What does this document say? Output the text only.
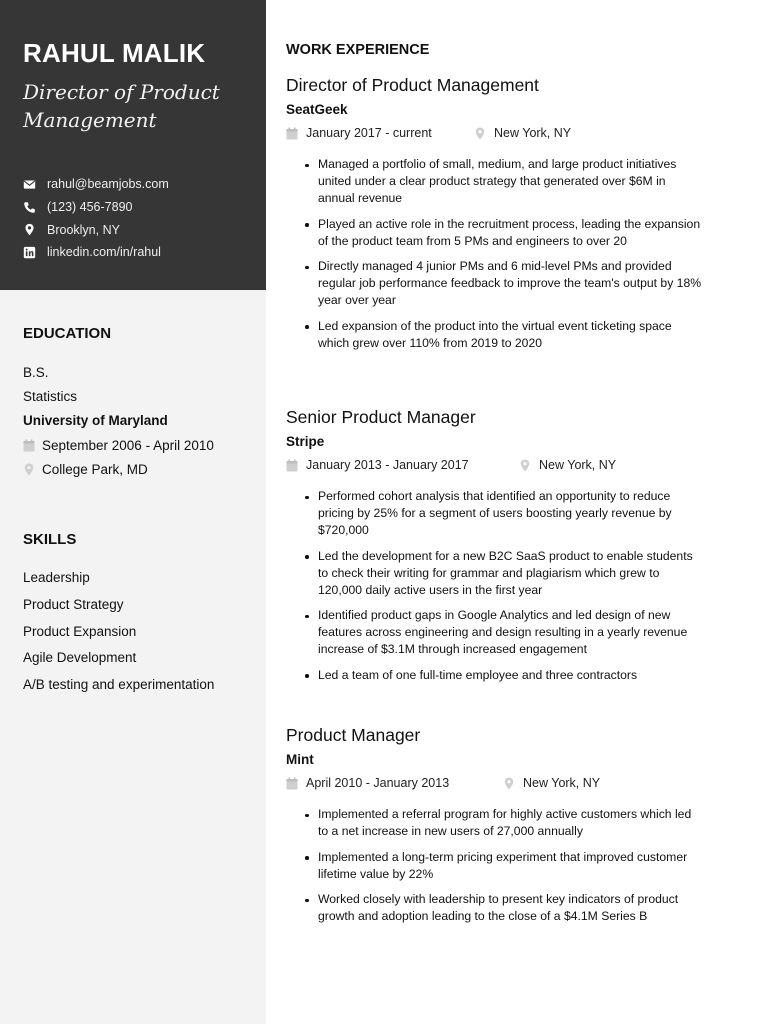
RAHUL MALIK
Director of Product Management
rahul@beamjobs.com
(123) 456-7890
Brooklyn, NY
linkedin.com/in/rahul
EDUCATION
B.S.
Statistics
University of Maryland
September 2006 - April 2010
College Park, MD
SKILLS
Leadership
Product Strategy
Product Expansion
Agile Development
A/B testing and experimentation
WORK EXPERIENCE
Director of Product Management
SeatGeek
January 2017 - current	New York, NY
Managed a portfolio of small, medium, and large product initiatives united under a clear product strategy that generated over $6M in annual revenue
Played an active role in the recruitment process, leading the expansion of the product team from 5 PMs and engineers to over 20
Directly managed 4 junior PMs and 6 mid-level PMs and provided regular job performance feedback to improve the team's output by 18% year over year
Led expansion of the product into the virtual event ticketing space which grew over 110% from 2019 to 2020
Senior Product Manager
Stripe
January 2013 - January 2017	New York, NY
Performed cohort analysis that identified an opportunity to reduce pricing by 25% for a segment of users boosting yearly revenue by $720,000
Led the development for a new B2C SaaS product to enable students to check their writing for grammar and plagiarism which grew to 120,000 daily active users in the first year
Identified product gaps in Google Analytics and led design of new features across engineering and design resulting in a yearly revenue increase of $3.1M through increased engagement
Led a team of one full-time employee and three contractors
Product Manager
Mint
April 2010 - January 2013	New York, NY
Implemented a referral program for highly active customers which led to a net increase in new users of 27,000 annually
Implemented a long-term pricing experiment that improved customer lifetime value by 22%
Worked closely with leadership to present key indicators of product growth and adoption leading to the close of a $4.1M Series B
